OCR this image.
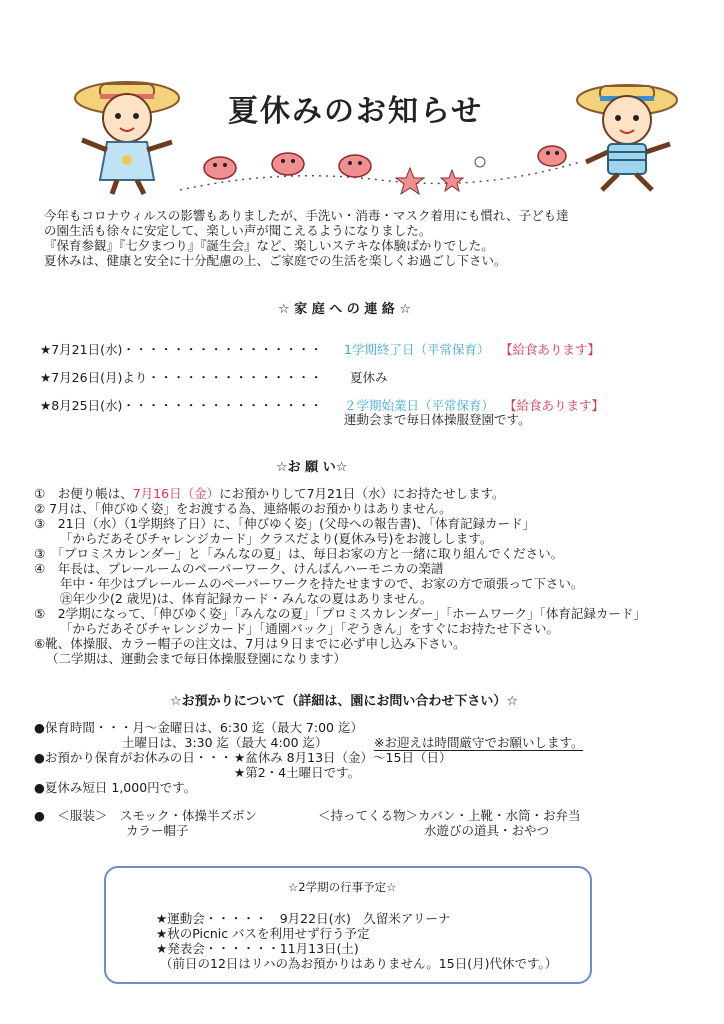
夏休みのお知らせ
今年もコロナウィルスの影響もありましたが、手洗い・消毒・マスク着用にも慣れ、子ども達
の園生活も徐々に安定して、楽しい声が聞こえるようになりました。
『保育参観』『七夕まつり』『誕生会』など、楽しいステキな体験ばかりでした。
夏休みは、健康と安全に十分配慮の上、ご家庭での生活を楽しくお過ごし下さい。
☆ 家 庭 へ の 連 絡 ☆
★7月21日(水)・・・・・・・・・・・・・・・・ 1学期終了日（平常保育） 【給食あります】
★7月26日(月)より・・・・・・・・・・・・・・ 夏休み
★8月25日(水)・・・・・・・・・・・・・・・・ ２学期始業日（平常保育） 【給食あります】
運動会まで毎日体操服登園です。
☆お 願 い☆
①　お便り帳は、7月16日（金）にお預かりして7月21日（水）にお持たせします。
② 7月は、「伸びゆく姿」をお渡する為、連絡帳のお預かりはありません。
③　21日（水）（1学期終了日）に、「伸びゆく姿」(父母への報告書)、「体育記録カード」
「からだあそびチャレンジカード」クラスだより(夏休み号)をお渡しします。
③　「プロミスカレンダー」と「みんなの夏」は、毎日お家の方と一緒に取り組んでください。
④　年長は、プレールームのペーパーワーク、けんばんハーモニカの楽譜
年中・年少はプレールームのペーパーワークを持たせますので、お家の方で頑張って下さい。
㊟年少少(2 歳児)は、体育記録カード・みんなの夏はありません。
⑤　2学期になって、「伸びゆく姿」「みんなの夏」「プロミスカレンダー」「ホームワーク」「体育記録カード」
「からだあそびチャレンジカード」「通園バック」「ぞうきん」をすぐにお持たせ下さい。
⑥靴、体操服、カラー帽子の注文は、7月は９日までに必ず申し込み下さい。
（二学期は、運動会まで毎日体操服登園になります）
☆お預かりについて（詳細は、園にお問い合わせ下さい）☆
●保育時間・・・月～金曜日は、6:30 迄（最大 7:00 迄）
土曜日は、3:30 迄（最大 4:00 迄）	※お迎えは時間厳守でお願いします。
●お預かり保育がお休みの日・・・ ★盆休み 8月13日（金）～15日（日）
★第2・4土曜日です。
●夏休み短日 1,000円です。
●　＜服装＞　スモック・体操半ズボン
カラー帽子
＜持ってくる物＞カバン・上靴・水筒・お弁当
水遊びの道具・おやつ
☆2学期の行事予定☆
★運動会・・・・・　9月22日(水)　久留米アリーナ
★秋のPicnic バスを利用せず行う予定
★発表会・・・・・・11月13日(土)
（前日の12日はリハの為お預かりはありません。15日(月)代休です。）
